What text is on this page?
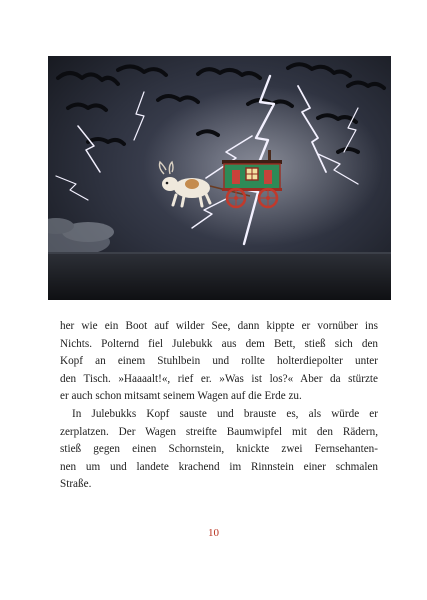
her wie ein Boot auf wilder See, dann kippte er vornüber ins
Nichts. Polternd fiel Julebukk aus dem Bett, stieß sich den
Kopf an einem Stuhlbein und rollte holterdiepolter unter
den Tisch. »Haaaalt!«, rief er. »Was ist los?« Aber da stürzte
er auch schon mitsamt seinem Wagen auf die Erde zu.

In Julebukks Kopf sauste und brauste es, als würde er
zerplatzen. Der Wagen streifte Baumwipfel mit den Rädern,
stieß gegen einen Schornstein, knickte zwei Fernsehanten-
nen um und landete krachend im Rinnstein einer schmalen
Straße.

10
